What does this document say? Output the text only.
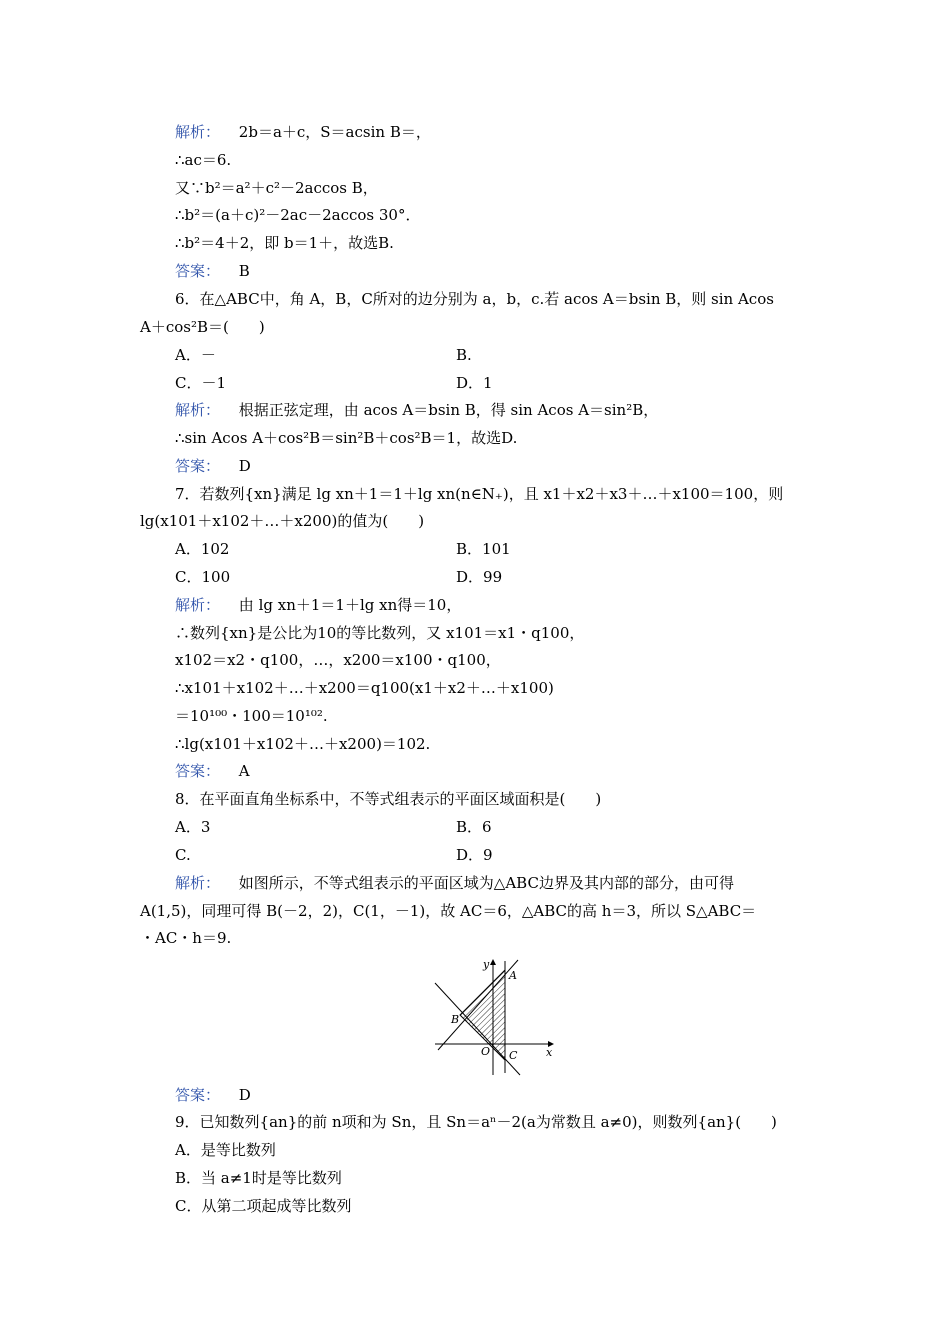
解析： 2b＝a＋c，S＝acsin B＝，
∴ac＝6.
又∵b²＝a²＋c²－2accos B，
∴b²＝(a＋c)²－2ac－2accos 30°．
∴b²＝4＋2，即 b＝1＋，故选B.
答案： B
6．在△ABC中，角 A，B，C所对的边分别为 a，b，c.若 acos A＝bsin B，则 sin Acos
A＋cos²B＝(　　)
A．－	B.
C．－1	D．1
解析： 根据正弦定理，由 acos A＝bsin B，得 sin Acos A＝sin²B，
∴sin Acos A＋cos²B＝sin²B＋cos²B＝1，故选D.
答案： D
7．若数列{xn}满足 lg xn＋1＝1＋lg xn(n∈N₊)，且 x1＋x2＋x3＋…＋x100＝100，则
lg(x101＋x102＋…＋x200)的值为(　　)
A．102	B．101
C．100	D．99
解析： 由 lg xn＋1＝1＋lg xn得＝10，
∴数列{xn}是公比为10的等比数列，又 x101＝x1・q100，
x102＝x2・q100，…，x200＝x100・q100，
∴x101＋x102＋…＋x200＝q100(x1＋x2＋…＋x100)
＝10¹⁰⁰・100＝10¹⁰².
∴lg(x101＋x102＋…＋x200)＝102.
答案： A
8．在平面直角坐标系中，不等式组表示的平面区域面积是(　　)
A．3	B．6
C.	D．9
解析： 如图所示，不等式组表示的平面区域为△ABC边界及其内部的部分，由可得
A(1,5)，同理可得 B(－2，2)，C(1，－1)，故 AC＝6，△ABC的高 h＝3，所以 S△ABC＝
・AC・h＝9.
y
x
O
A
B
C
答案： D
9．已知数列{an}的前 n项和为 Sn，且 Sn＝aⁿ－2(a为常数且 a≠0)，则数列{an}(　　)
A．是等比数列
B．当 a≠1时是等比数列
C．从第二项起成等比数列
